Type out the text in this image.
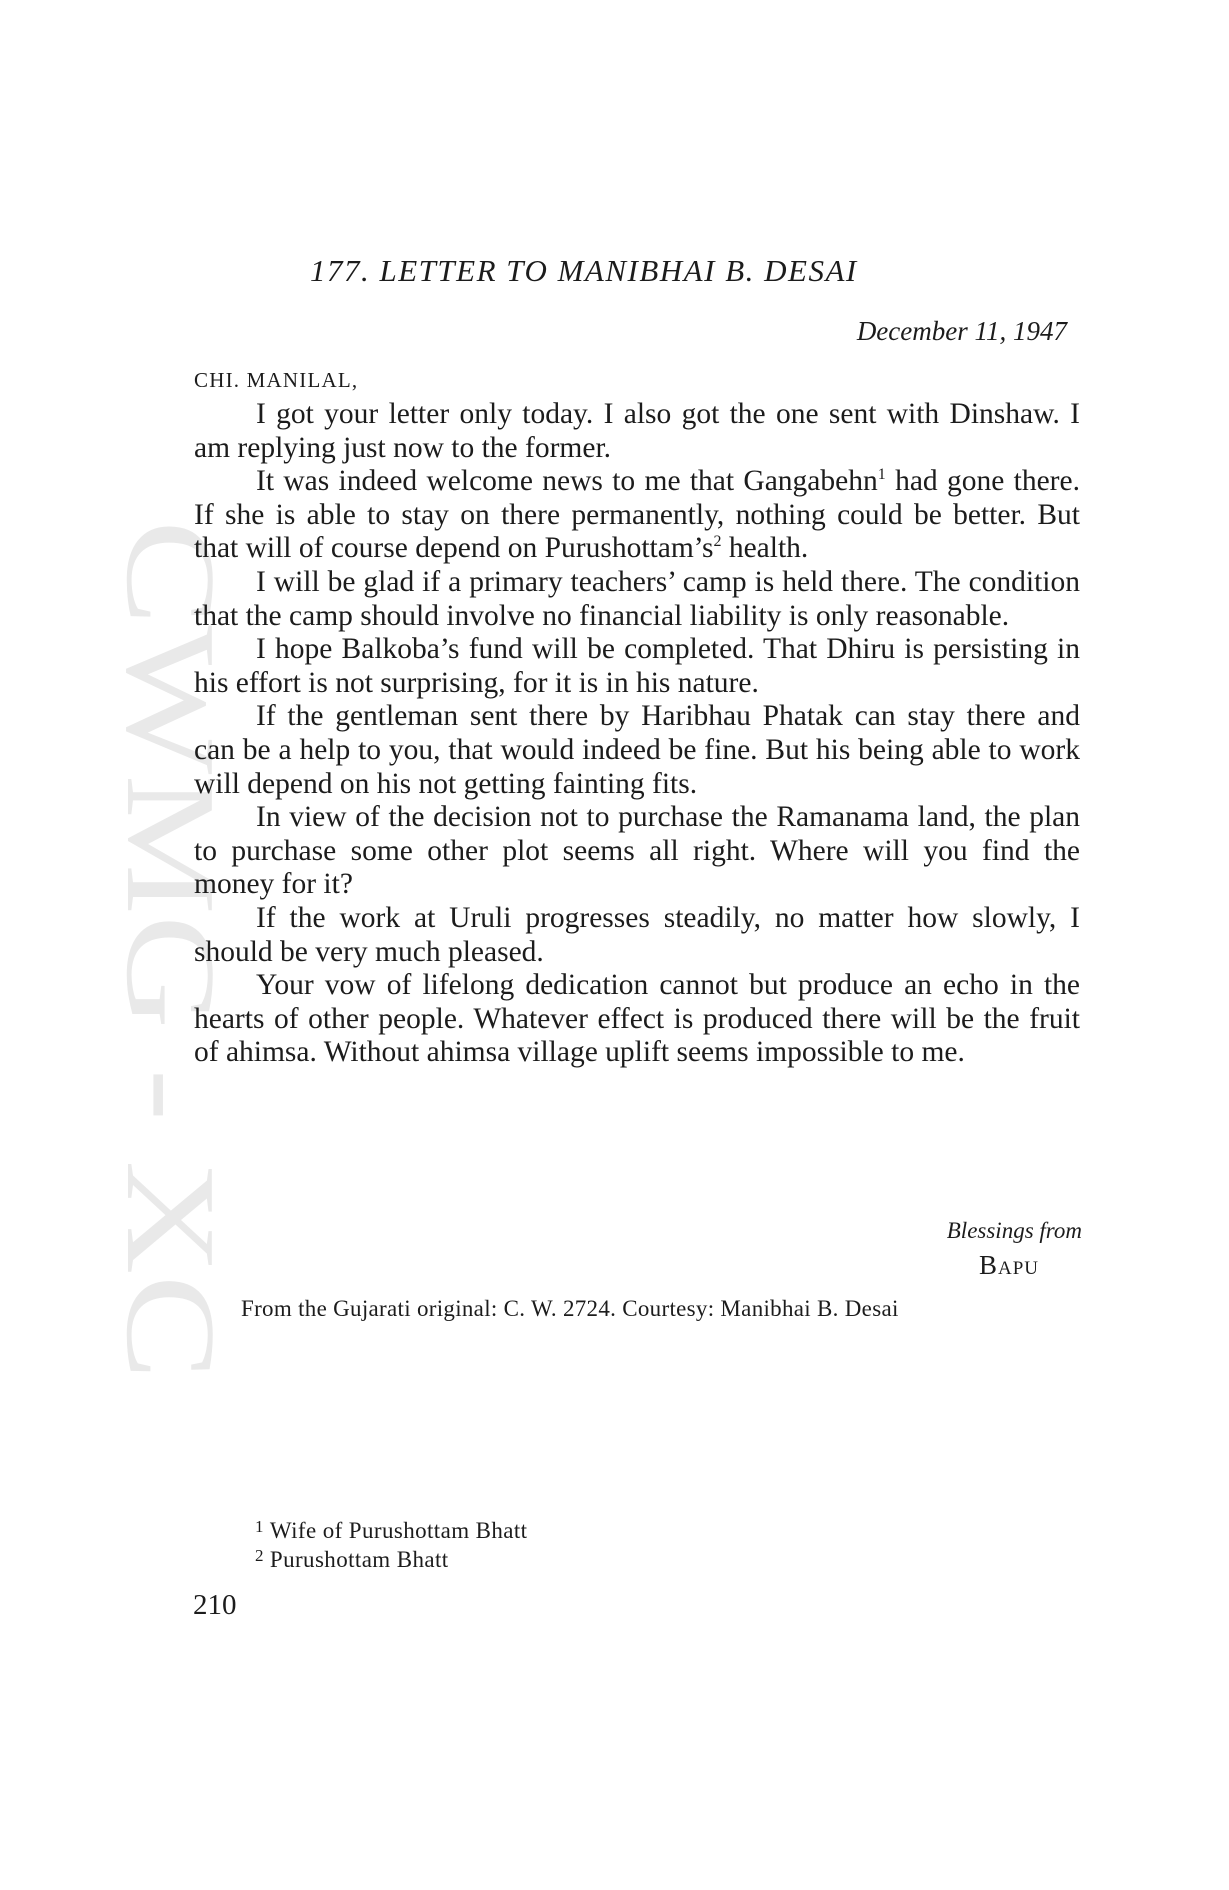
CWMG XC
177. LETTER TO MANIBHAI B. DESAI
December 11, 1947
CHI. MANILAL,

I got your letter only today. I also got the one sent with Dinshaw. I am replying just now to the former.

It was indeed welcome news to me that Gangabehn$^1$ had gone there. If she is able to stay on there permanently, nothing could be better. But that will of course depend on $Purushottam’s^2$ health.

I will be glad if a primary teachers’ camp is held there. The condition that the camp should involve no financial liability is only reasonable.

I hope Balkoba’s fund will be completed. That Dhiru is persisting in his effort is not surprising, for it is in his nature.

If the gentleman sent there by Haribhau Phatak can stay there and can be a help to you, that would indeed be fine. But his being able to work will depend on his not getting fainting fits.

In view of the decision not to purchase the Ramanama land, the plan to purchase some other plot seems all right. Where will you find the money for it?

If the work at Uruli progresses steadily, no matter how slowly, I should be very much pleased.

Your vow of lifelong dedication cannot but produce an echo in the hearts of other people. Whatever effect is produced there will be the fruit of ahimsa. Without ahimsa village uplift seems impossible to me.

Blessings from
Bapu
From the Gujarati original: C. W. 2724. Courtesy: Manibhai B. Desai
$^1$ Wife of Purushottam Bhatt
$^2$ Purushottam Bhatt
210
